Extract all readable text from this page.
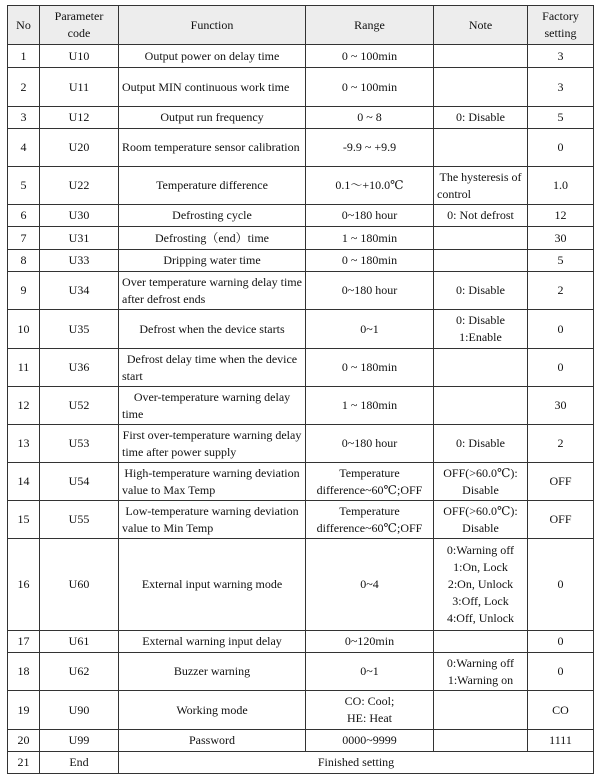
No	Parameter code	Function	Range	Note	Factory setting
1	U10	Output power on delay time	0 ~ 100min		3
2	U11	Output MIN continuous work time	0 ~ 100min		3
3	U12	Output run frequency	0 ~ 8	0: Disable	5
4	U20	Room temperature sensor calibration	-9.9 ~ +9.9		0
5	U22	Temperature difference	0.1～+10.0℃	The hysteresis of control	1.0
6	U30	Defrosting cycle	0~180 hour	0: Not defrost	12
7	U31	Defrosting（end）time	1 ~ 180min		30
8	U33	Dripping water time	0 ~ 180min		5
9	U34	Over temperature warning delay time after defrost ends	0~180 hour	0: Disable	2
10	U35	Defrost when the device starts	0~1	0: Disable
1:Enable	0
11	U36	Defrost delay time when the device start	0 ~ 180min		0
12	U52	Over-temperature warning delay time	1 ~ 180min		30
13	U53	First over-temperature warning delay time after power supply	0~180 hour	0: Disable	2
14	U54	High-temperature warning deviation value to Max Temp	Temperature
difference~60℃;OFF	OFF(>60.0℃):
Disable	OFF
15	U55	Low-temperature warning deviation value to Min Temp	Temperature
difference~60℃;OFF	OFF(>60.0℃):
Disable	OFF
16	U60	External input warning mode	0~4	0:Warning off
1:On, Lock
2:On, Unlock
3:Off, Lock
4:Off, Unlock	0
17	U61	External warning input delay	0~120min		0
18	U62	Buzzer warning	0~1	0:Warning off
1:Warning on	0
19	U90	Working mode	CO: Cool;
HE: Heat		CO
20	U99	Password	0000~9999		1111
21	End	Finished setting			
